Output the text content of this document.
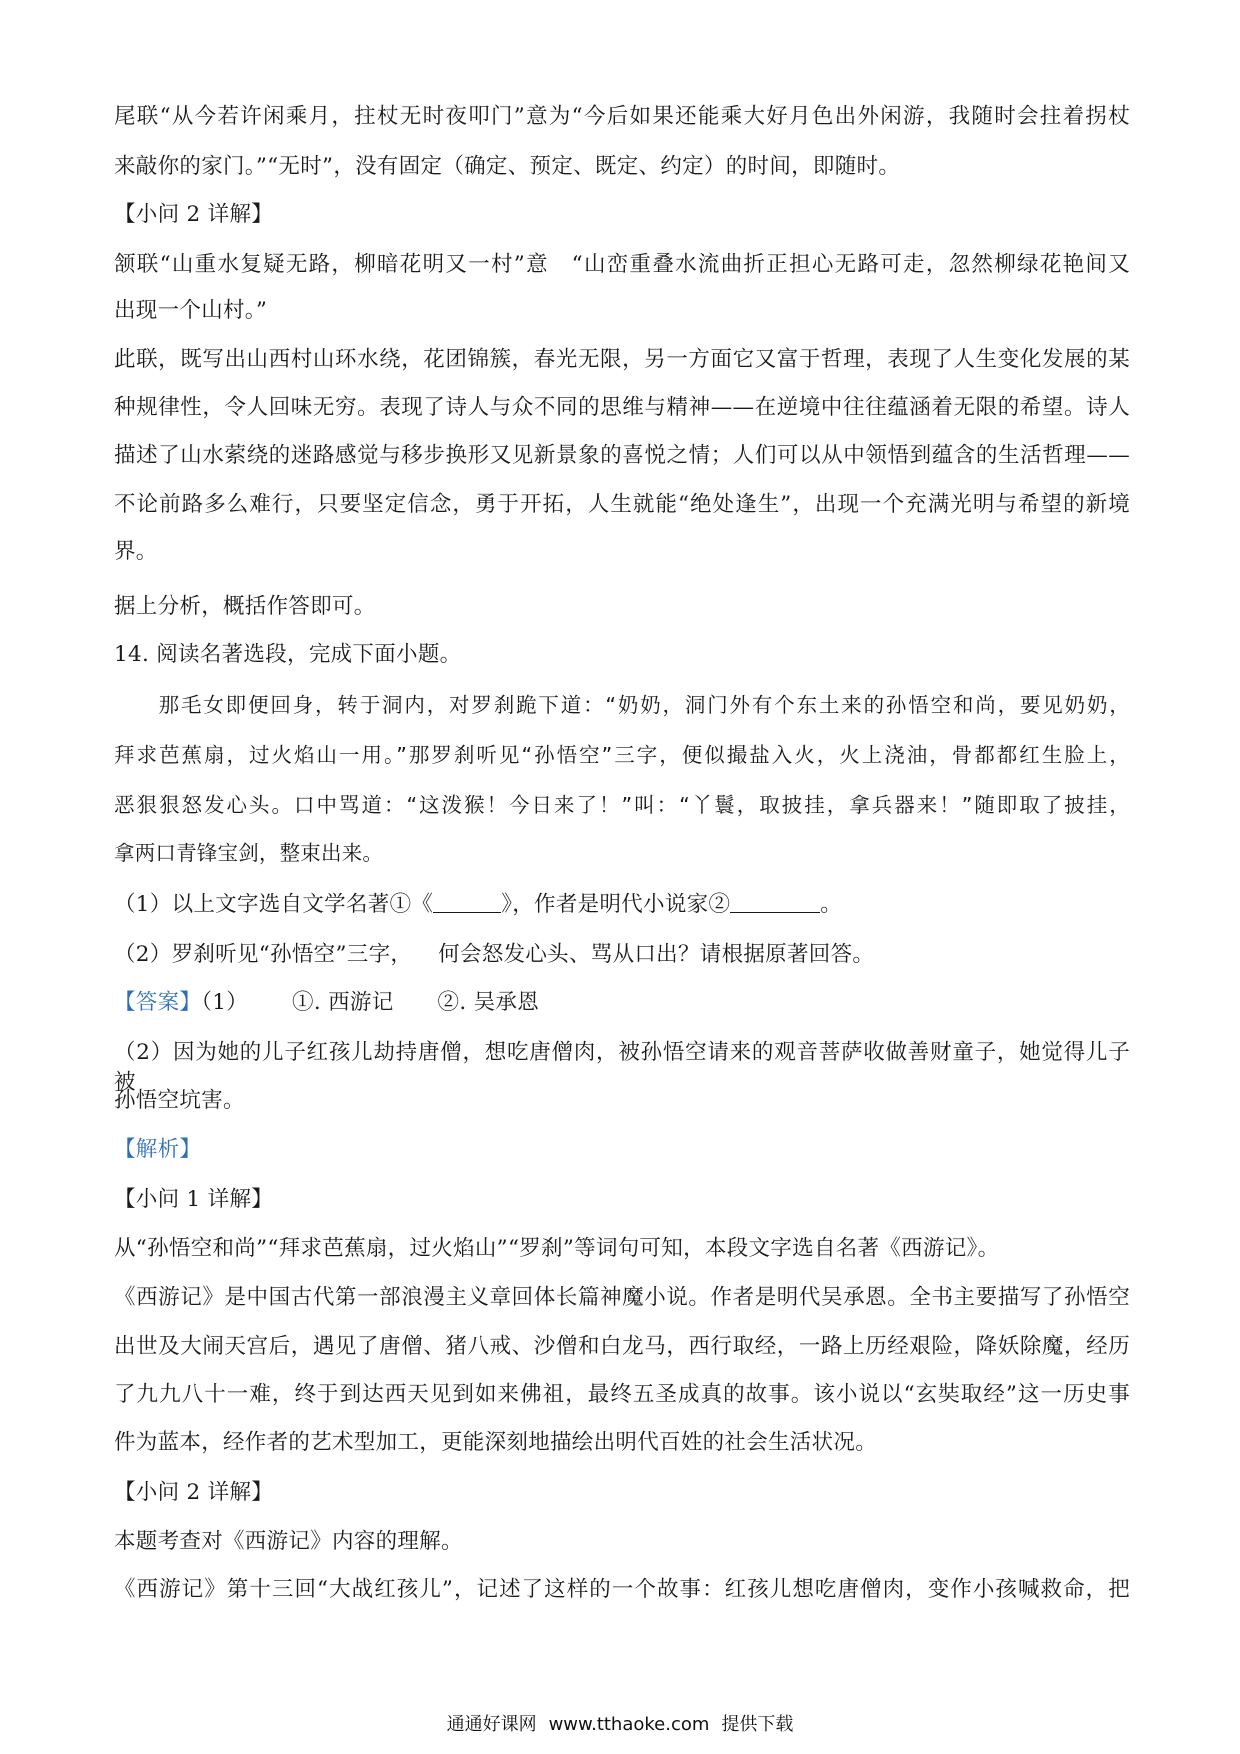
尾联“从今若许闲乘月，拄杖无时夜叩门”意为“今后如果还能乘大好月色出外闲游，我随时会拄着拐杖
来敲你的家门。”“无时”，没有固定（确定、预定、既定、约定）的时间，即随时。
【小问 2 详解】
颔联“山重水复疑无路，柳暗花明又一村”意　“山峦重叠水流曲折正担心无路可走，忽然柳绿花艳间又
出现一个山村。”
此联，既写出山西村山环水绕，花团锦簇，春光无限，另一方面它又富于哲理，表现了人生变化发展的某
种规律性，令人回味无穷。表现了诗人与众不同的思维与精神——在逆境中往往蕴涵着无限的希望。诗人
描述了山水萦绕的迷路感觉与移步换形又见新景象的喜悦之情；人们可以从中领悟到蕴含的生活哲理——
不论前路多么难行，只要坚定信念，勇于开拓，人生就能“绝处逢生”，出现一个充满光明与希望的新境
界。
据上分析，概括作答即可。
14. 阅读名著选段，完成下面小题。
　　那毛女即便回身，转于洞内，对罗刹跪下道：“奶奶，洞门外有个东土来的孙悟空和尚，要见奶奶，
拜求芭蕉扇，过火焰山一用。”那罗刹听见“孙悟空”三字，便似撮盐入火，火上浇油，骨都都红生脸上，
恶狠狠怒发心头。口中骂道：“这泼猴！今日来了！”叫：“丫鬟，取披挂，拿兵器来！”随即取了披挂，
拿两口青锋宝剑，整束出来。
（1）以上文字选自文学名著①《	》，作者是明代小说家②	。
（2）罗刹听见“孙悟空”三字， 何会怒发心头、骂从口出？请根据原著回答。
【答案】（1） ①. 西游记 ②. 吴承恩
（2）因为她的儿子红孩儿劫持唐僧，想吃唐僧肉，被孙悟空请来的观音菩萨收做善财童子，她觉得儿子被
孙悟空坑害。
【解析】
【小问 1 详解】
从“孙悟空和尚”“拜求芭蕉扇，过火焰山”“罗刹”等词句可知，本段文字选自名著《西游记》。
《西游记》是中国古代第一部浪漫主义章回体长篇神魔小说。作者是明代吴承恩。全书主要描写了孙悟空
出世及大闹天宫后，遇见了唐僧、猪八戒、沙僧和白龙马，西行取经，一路上历经艰险，降妖除魔，经历
了九九八十一难，终于到达西天见到如来佛祖，最终五圣成真的故事。该小说以“玄奘取经”这一历史事
件为蓝本，经作者的艺术型加工，更能深刻地描绘出明代百姓的社会生活状况。
【小问 2 详解】
本题考查对《西游记》内容的理解。
《西游记》第十三回“大战红孩儿”，记述了这样的一个故事：红孩儿想吃唐僧肉，变作小孩喊救命，把
通通好课网 www.tthaoke.com 提供下载
